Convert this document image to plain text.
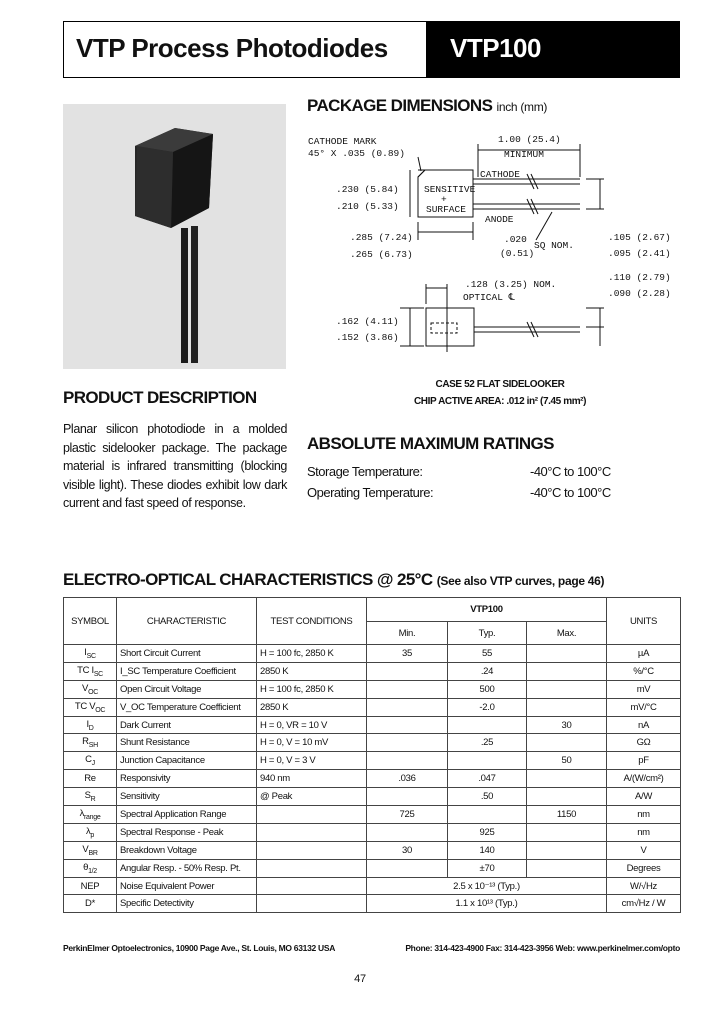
VTP Process Photodiodes VTP100
PACKAGE DIMENSIONS inch (mm)
CATHODE MARK
45° X .035 (0.89)
1.00 (25.4)
MINIMUM
CATHODE
ANODE
SENSITIVE
+
SURFACE
.230 (5.84)
.210 (5.33)
.285 (7.24)
.265 (6.73)
.020
(0.51)
SQ NOM.
.105 (2.67)
.095 (2.41)
.128 (3.25) NOM.
OPTICAL ℄
.110 (2.79)
.090 (2.28)
.162 (4.11)
.152 (3.86)
CASE 52 FLAT SIDELOOKER
CHIP ACTIVE AREA: .012 in² (7.45 mm²)
PRODUCT DESCRIPTION
Planar silicon photodiode in a molded plastic sidelooker package. The package material is infrared transmitting (blocking visible light). These diodes exhibit low dark current and fast speed of response.
ABSOLUTE MAXIMUM RATINGS
Storage Temperature:	-40°C to 100°C
Operating Temperature:	-40°C to 100°C
ELECTRO-OPTICAL CHARACTERISTICS @ 25°C (See also VTP curves, page 46)
SYMBOL	CHARACTERISTIC	TEST CONDITIONS	VTP100			UNITS
			Min.	Typ.	Max.	
$I_{SC}$	Short Circuit Current	H = 100 fc, 2850 K	35	55		µA
TC $I_{SC}$	I_SC Temperature Coefficient	2850 K		.24		%/°C
$V_{OC}$	Open Circuit Voltage	H = 100 fc, 2850 K		500		mV
TC $V_{OC}$	V_OC Temperature Coefficient	2850 K		-2.0		mV/°C
$I_D$	Dark Current	H = 0, VR = 10 V			30	nA
$R_{SH}$	Shunt Resistance	H = 0, V = 10 mV		.25		GΩ
$C_J$	Junction Capacitance	H = 0, V = 3 V			50	pF
Re	Responsivity	940 nm	.036	.047		A/(W/cm²)
$S_R$	Sensitivity	@ Peak		.50		A/W
$\lambda_{range}$	Spectral Application Range		725		1150	nm
$\lambda_p$	Spectral Response - Peak			925		nm
$V_{BR}$	Breakdown Voltage		30	140		V
$\theta_{1/2}$	Angular Resp. - 50% Resp. Pt.			±70		Degrees
NEP	Noise Equivalent Power		2.5 x 10⁻¹³ (Typ.)			W/√Hz
D*	Specific Detectivity		1.1 x 10¹³ (Typ.)			cm√Hz / W
PerkinElmer Optoelectronics, 10900 Page Ave., St. Louis, MO 63132 USA	Phone: 314-423-4900 Fax: 314-423-3956 Web: www.perkinelmer.com/opto
47
